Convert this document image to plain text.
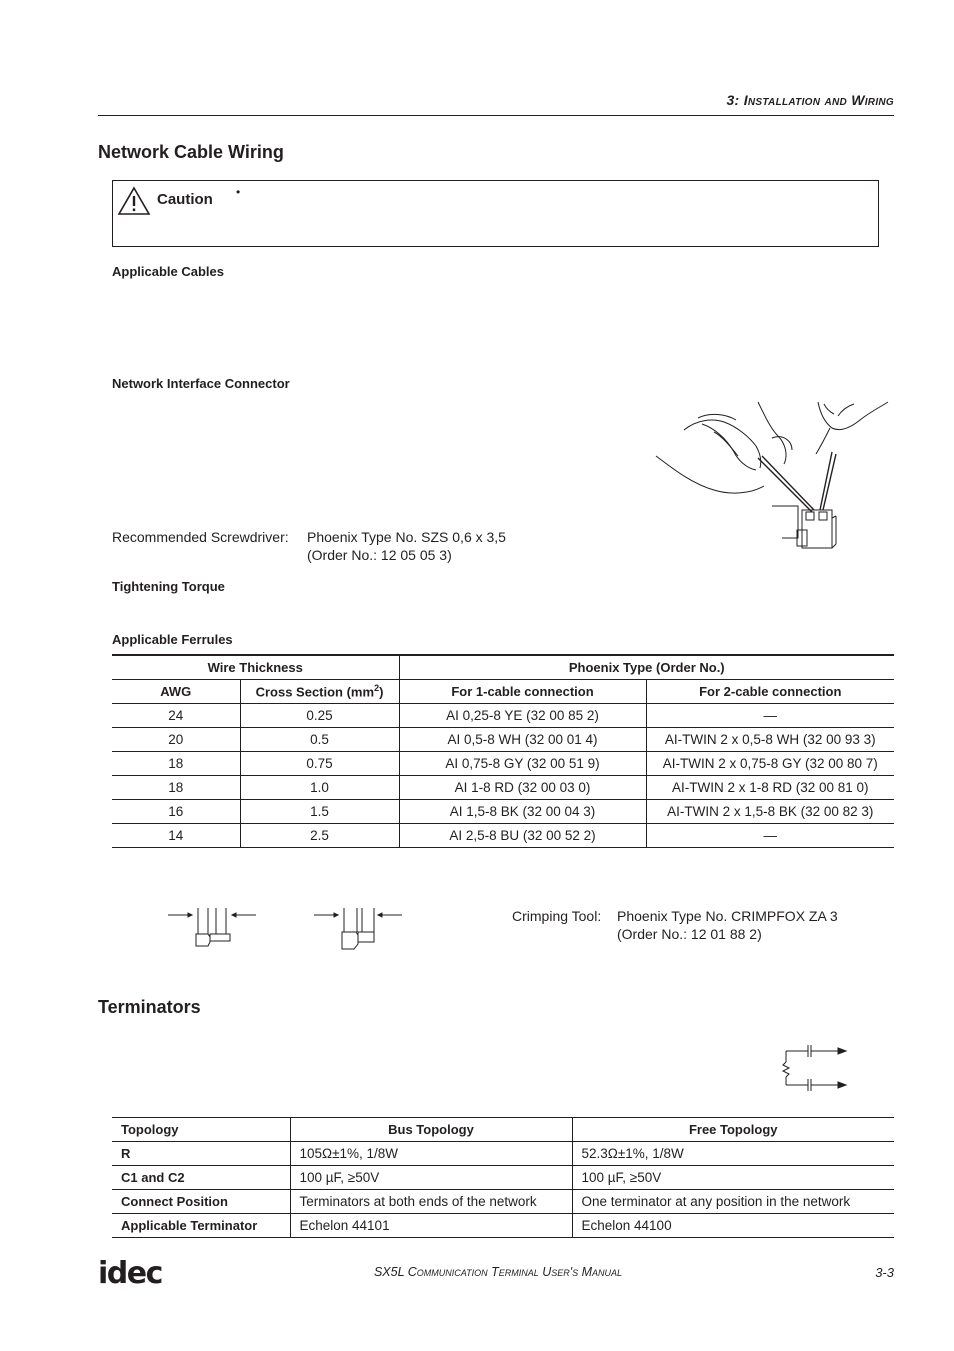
3: Installation and Wiring
Network Cable Wiring
Caution •
Applicable Cables
Network Interface Connector
Recommended Screwdriver: Phoenix Type No. SZS 0,6 x 3,5
(Order No.: 12 05 05 3)
Tightening Torque
Applicable Ferrules
Wire Thickness		Phoenix Type (Order No.)	
AWG	Cross Section $(mm^2)$	For 1-cable connection	For 2-cable connection
24	0.25	AI 0,25-8 YE (32 00 85 2)	—
20	0.5	AI 0,5-8 WH (32 00 01 4)	AI-TWIN 2 x 0,5-8 WH (32 00 93 3)
18	0.75	AI 0,75-8 GY (32 00 51 9)	AI-TWIN 2 x 0,75-8 GY (32 00 80 7)
18	1.0	AI 1-8 RD (32 00 03 0)	AI-TWIN 2 x 1-8 RD (32 00 81 0)
16	1.5	AI 1,5-8 BK (32 00 04 3)	AI-TWIN 2 x 1,5-8 BK (32 00 82 3)
14	2.5	AI 2,5-8 BU (32 00 52 2)	—
Crimping Tool: Phoenix Type No. CRIMPFOX ZA 3
(Order No.: 12 01 88 2)
Terminators
Topology	Bus Topology	Free Topology
R	105Ω±1%, 1/8W	52.3Ω±1%, 1/8W
C1 and C2	100 µF, ≥50V	100 µF, ≥50V
Connect Position	Terminators at both ends of the network	One terminator at any position in the network
Applicable Terminator	Echelon 44101	Echelon 44100
idec	SX5L Communication Terminal User's Manual	3-3
